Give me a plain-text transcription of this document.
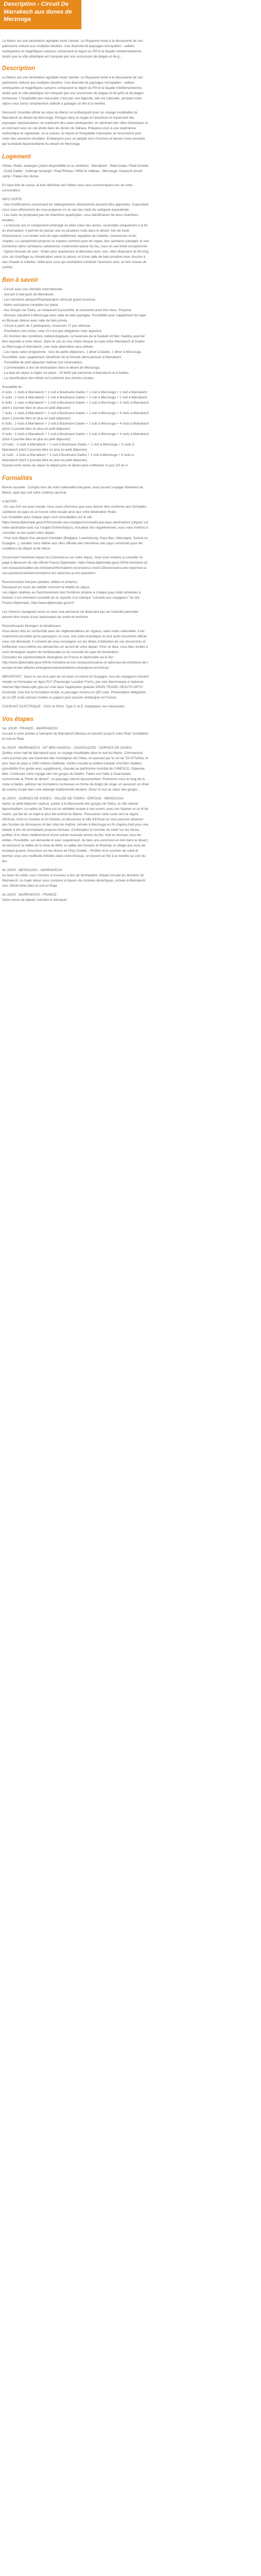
Description - Circuit De Marrakech aux dunes de Merzouga

Le Maroc est une destination agréable toute l'année. Le Royaume invite à la découverte de son patrimoine culturel aux multiples facettes. Une diversité de paysages incroyables : vallées verdoyantes et magnifiques canyons composent la région du Rif et la façade méditerranéenne, tandis que la côte atlantique est marquée par une succession de plages et de g...

Description

Le Maroc est une destination agréable toute l'année. Le Royaume invite à la découverte de son patrimoine culturel aux multiples facettes. Une diversité de paysages incroyables : vallées verdoyantes et magnifiques canyons composent la région du Rif et la façade méditerranéenne, tandis que la côte atlantique est marquée par une succession de plages et de golfs et de plages immenses. L'hospitalité des marocains n'est pas une légende, elle est culturelle, pendant votre séjour vous serez certainement sollicité à partager un thé à la menthe.

Découvrir l'envoûte ultime au cœur du Maroc en embarquant pour un voyage inoubliable de Marrakech au désert de Merzouga. Plongez dans la magie et l'aventure en traversant des paysages spectaculaires, en explorant des oasis verdoyantes, en admirant des villes historiques et en dormant sous un ciel étoilé dans les dunes du Sahara. Préparez-vous à une expérience authentique et captivante, où la culture, la nature et l'hospitalité marocaine se rencontrent pour créer des souvenirs durables. Embarquez pour un périple vers l'inconnu et laissez-vous envoûter par la beauté époustouflante du désert de Merzouga.

Logement

Hôtels, Riads, auberges (selon disponibilité et ou similaire) : Marrakech : Riad Azalia / Riad Armelle ; Oued Dadès : Auberge Amazigh / Riad Rihana / Hôtel le château ; Merzouga: Ouaouzli desert camp / Palais des dunes.

En haut état de cause, la liste définitive des hôtels vous sera communiquée lors de votre convocation.

INFO VERTE
- Des modifications concernant les hébergements sélectionnés peuvent être apportées. Cependant, nous nous efforcerons de vous proposer en ce cas des riads de catégorie équivalente.
- Les riads ne proposant pas de chambres quadruples, vous bénéficierez de deux chambres doubles.
- Le bivouac est un campement aménagé en plein cœur des dunes, accessible uniquement à la fin du dromadaire. Il permet de passer une ou plusieurs nuits dans le désert, loin de toute infrastructure. Les tentes sont de style traditionnel, équipées de matelas, couvertures et lits simples. Le campement propose un espace commun pour les repas, des sanitaires partagés et une immersion dans l'ambiance saharienne, notamment autour du feu, sous un ciel étoilé exceptionnel.
- Option bivouac de luxe : tentes plus spacieuses et décorées avec soin, elles disposent de lits king size, de chauffage ou climatisation selon la saison, et d'une salle de bain privative avec douche à eau chaude et toilettes. Idéal pour ceux qui souhaitent combiner l'aventure avec un bon niveau de confort.

Bon à savoir

- Circuit avec une clientèle internationale.
- Accueil à l'aéroport de Marrakech.
- Les transferts aéroport/Riad/aéroport véhiculé grand tourisme.
- Notre assistance complète sur place.
- Aux Gorges de Todra, un restaurant à proximité, le restaurant peut être doux. Proposé.
- Bivouac standard à Merzouga avec salle de bain partagée. Possibilité avec supplément de loger en Bivouac deluxe avec salle de bain privée.
- Circuit à partir de 2 participants, maximum 17 par véhicule.
- Pourboires non inclus, cela n'il n'est pas obligatoire mais apprécié.
- En fonction des conditions météorologiques, la traversée de la Kasbah Ait Ben Haddou pourrait être reportée à votre retour. Dans le cas ou une rivière bloque la route entre Marrakech et Dadès ou Merzouga et Marrakech, une route alternative sera utilisée.
- Les repas selon programme : tous les petits déjeuners, 1 dîner à Dadès, 1 dîner à Merzouga. Possibilité, avec supplément, bénéficier de la formule demi-pension à Marrakech.
- Possibilité de petit déjeuner matinal (sur réservation).
- 2 promenades à dos de dromadaire dans le désert de Merzouga.
- La taxe de séjour à régler sur place : 20 MAD par personne à Marrakech et à Dadès.
- La classification des hôtels est conforme aux normes locales.

Possibilité de :
4 nuits : 1 nuits à Marrakech + 1 nuit à Boulmane Dades + 1 nuit à Merzouga + 1 nuit à Marrakech
5 nuits : 2 nuits à Marrakech + 1 nuit à Boulmane Dades + 1 nuit à Merzouga + 1 nuit à Marrakech
6 nuits : 1 nuits à Marrakech + 1 nuit à Boulmane Dades + 1 nuit à Merzouga + 3 nuits à Marrakech (dont 1 journée libre en plus en petit déjeuner)
7 nuits : 1 nuits à Marrakech + 1 nuit à Boulmane Dades + 1 nuit à Merzouga + 4 nuits à Marrakech (dont 2 journée libre en plus en petit déjeuner)
8 nuits : 2 nuits à Marrakech + 1 nuit à Boulmane Dades + 1 nuit à Merzouga + 4 nuits à Marrakech (dont 3 journée libre en plus en petit déjeuner)
9 nuits : 3 nuits à Marrakech + 1 nuit à Boulmane Dades + 1 nuit à Merzouga + 4 nuits à Marrakech (dont 4 journée libre en plus en petit déjeuner)
10 nuits : 3 nuits à Marrakech + 1 nuit à Boulmane Dades + 1 nuit à Merzouga + 5 nuits à Marrakech (dont 3 journée libre en plus en petit déjeuner)
11 nuits : 3 nuits à Marrakech + 1 nuit à Boulmane Dades + 1 nuit à Merzouga + 6 nuits à Marrakech (dont 3 journée libre en plus en petit déjeuner)
Suivant votre durée de séjour le départ pour le désert peut s'effectuer le jour 2/3 ou 4

Formalités

Bonne nouvelle : Compte tenu de votre nationalité française, vous pouvez voyager librement au Maroc, quel que soit votre schéma vaccinal.

A NOTER
- En cas d'un vol avec escale, nous vous informons que vous devrez être conforme aux formalités sanitaires du pays où se trouve votre escale ainsi que votre destination finale.
Les modalités pour chaque pays sont consultables sur le site https://www.diplomatie.gouv.fr/fr/conseils-aux-voyageurs/conseils-par-pays-destination/ (cliquez sur votre destination puis sur l'onglet Entrée/Séjour). Actualisé très régulièrement, nous vous invitons à consulter ce lien avant votre départ.
- Pour tout départ d'un aéroport frontalier (Belgique, Luxembourg, Pays-Bas, Allemagne, Suisse ou Espagne...), veuillez vous référer aux sites officiels des ministères des pays concernés pour les conditions de départ et de retour.

Concernant l'éventuel impact du Coronavirus sur votre séjour, nous vous invitons à consulter la page à découvrir du site officiel France Diplomatie: https://www.diplomatie.gouv.fr/fr/le-ministere-et-son-reseau/actualites-du-ministere/informations-coronavirus-covid-19/coronavirus-les-reponses-a-vos-questions/article/coronavirus-les-reponses-a-vos-questions

Ressortissants français (adultes, bébés et enfants) :
Passeport en cours de validité couvrant la totalité du séjour.
Les règles relatives au franchissement des frontières propres à chaque pays étant amenées à évoluer, il est vivement conseillé de se reporter à la rubrique "conseils aux voyageurs" du site France Diplomatie, http://www.diplomatie.gouv.fr/

Les mineurs voyageant seuls ou avec une personne ne disposant pas de l'autorité parentale doivent être munis d'une autorisation de sortie de territoire.

Ressortissants étrangers et binationaux :
Vous devez être en conformité avec les réglementations en vigueur, selon votre nationalité. Il est notamment possible qu'un passeport, un visa, une carte touristique ou tout autre document officiel vous soit demandé. Il convient de vous renseigner sur les délais d'obtention de ces documents et d'effectuer vous-même vos démarches en amont de votre départ. Pour ce faire, vous êtes invités à vous renseigner auprès de l'ambassade ou du consulat du pays de destination.
Consultez les représentations étrangères en France et diplomatie via le lien : http://www.diplomatie.gouv.fr/fr/le-ministere-et-son-reseau/annuaires-et-adresses-du-ministere-de-l-europe-et-des-affaires-etrangeres/representations-etrangeres-en-france/

IMPORTANT : Dans le cas d'un plan de vol avec un transit en Espagne, tous les voyageurs doivent remplir un formulaire en ligne PLF (Passenger Location Form), par voie électronique à l'adresse internet http://www.spth.gob.es/ créé dans l'application gratuite SPAIN TRAVEL HEALTH-SPTH (Android). Une fois le formulaire rempli, le passager recevra un QR code. Présentation obligatoire de ce QR code (version mobile ou papier) pour pouvoir embarquer en France.

COURANT ELECTRIQUE : 220V et 50Hz, Type C et E. Adaptateur non nécessaire.

Vos étapes
1er JOUR : FRANCE - MARRAKECH

Accueil à votre arrivée à l'aéroport de Marrakech-Menara et transfert jusqu'à votre Riad. Installation et nuit en Riad.

2e JOUR : MARRAKECH - AIT BEN HADDOU - OUARZAZATE - GORGES DE DADES

Quittez votre riad de Marrakech pour un voyage inoubliable dans le sud du Maroc. Commencez votre journée par une traversée des montagnes de l'Atlas, en passant par le col de Tizi N'Tichka, le plus haut du pays à 2260 mètres d'altitude. Visitez ensuite la célèbre kasbah d'Ait Ben Haddou (possibilité d'un guide avec supplément), classée au patrimoine mondial de l'UNESCO. Déjeuner libre. Continuez votre voyage vers les gorges du Dadès. Faites une halte à Ouarzazate, surnommée la "Porte du désert", un paysage naturel époustouflant. Promenez-vous le long de la route à Dadès, admirez les formations rocheuses en forme de doigts de singe, et savourez un dîner de cuisine locale dans une auberge traditionnelle berbère. Dîner et nuit au cœur des gorges.

3e JOUR : GORGES DE DADES - VALLEE DE TODRA - ERFOUD - MERZOUGA

Après un petit-déjeuner copieux, partez à la découverte des gorges de Todra, un site naturel époustouflant. La vallée de Todra est un véritable musée à ciel ouvert, avec ses falaises et un lit de rivière, qui fait de ce trajet le plus bel endroit du Maroc. Poursuivez votre route vers la région d'Erfoud, riche en fossiles et en histoire, et découvrez la ville d'Erfoud où vous pourrez observer des fossiles de dinosaures et des sites de marbre. Arrivée à Merzouga en fin d'après-midi pour une balade à dos de dromadaire jusqu'au bivouac. Contemplez le coucher du soleil sur les dunes, profitez d'un dîner traditionnel et d'une soirée musicale autour du feu. Nuit en bivouac sous les étoiles. Possibilité, sur demande et avec supplément, de faire une excursion en 4x4 dans le désert, de découvrir la vallée de la mine de Mifis, la vallée des fossiles et Khamlia, le village aux sons de musique gnawa. Excursion sur les dunes de l'Erg Chebbi... Profitez d'un coucher de soleil et dormez sous une multitude d'étoiles dans votre bivouac, en buvant un thé à la menthe au coin du feu.

4e JOUR : MERZOUGA - MARRAKECH

Au lever du soleil, vous montrez à nouveau à dos de dromadaire. Départ ensuite en direction de Marrakech. Le trajet retour vous conduira à travers de contrées désertiques. Arrivée à Marrakech vers 19h30 dîner libre et nuit en Riad.

5e JOUR : MARRAKECH - FRANCE

Selon heure de départ, transfert à l'aéroport.
